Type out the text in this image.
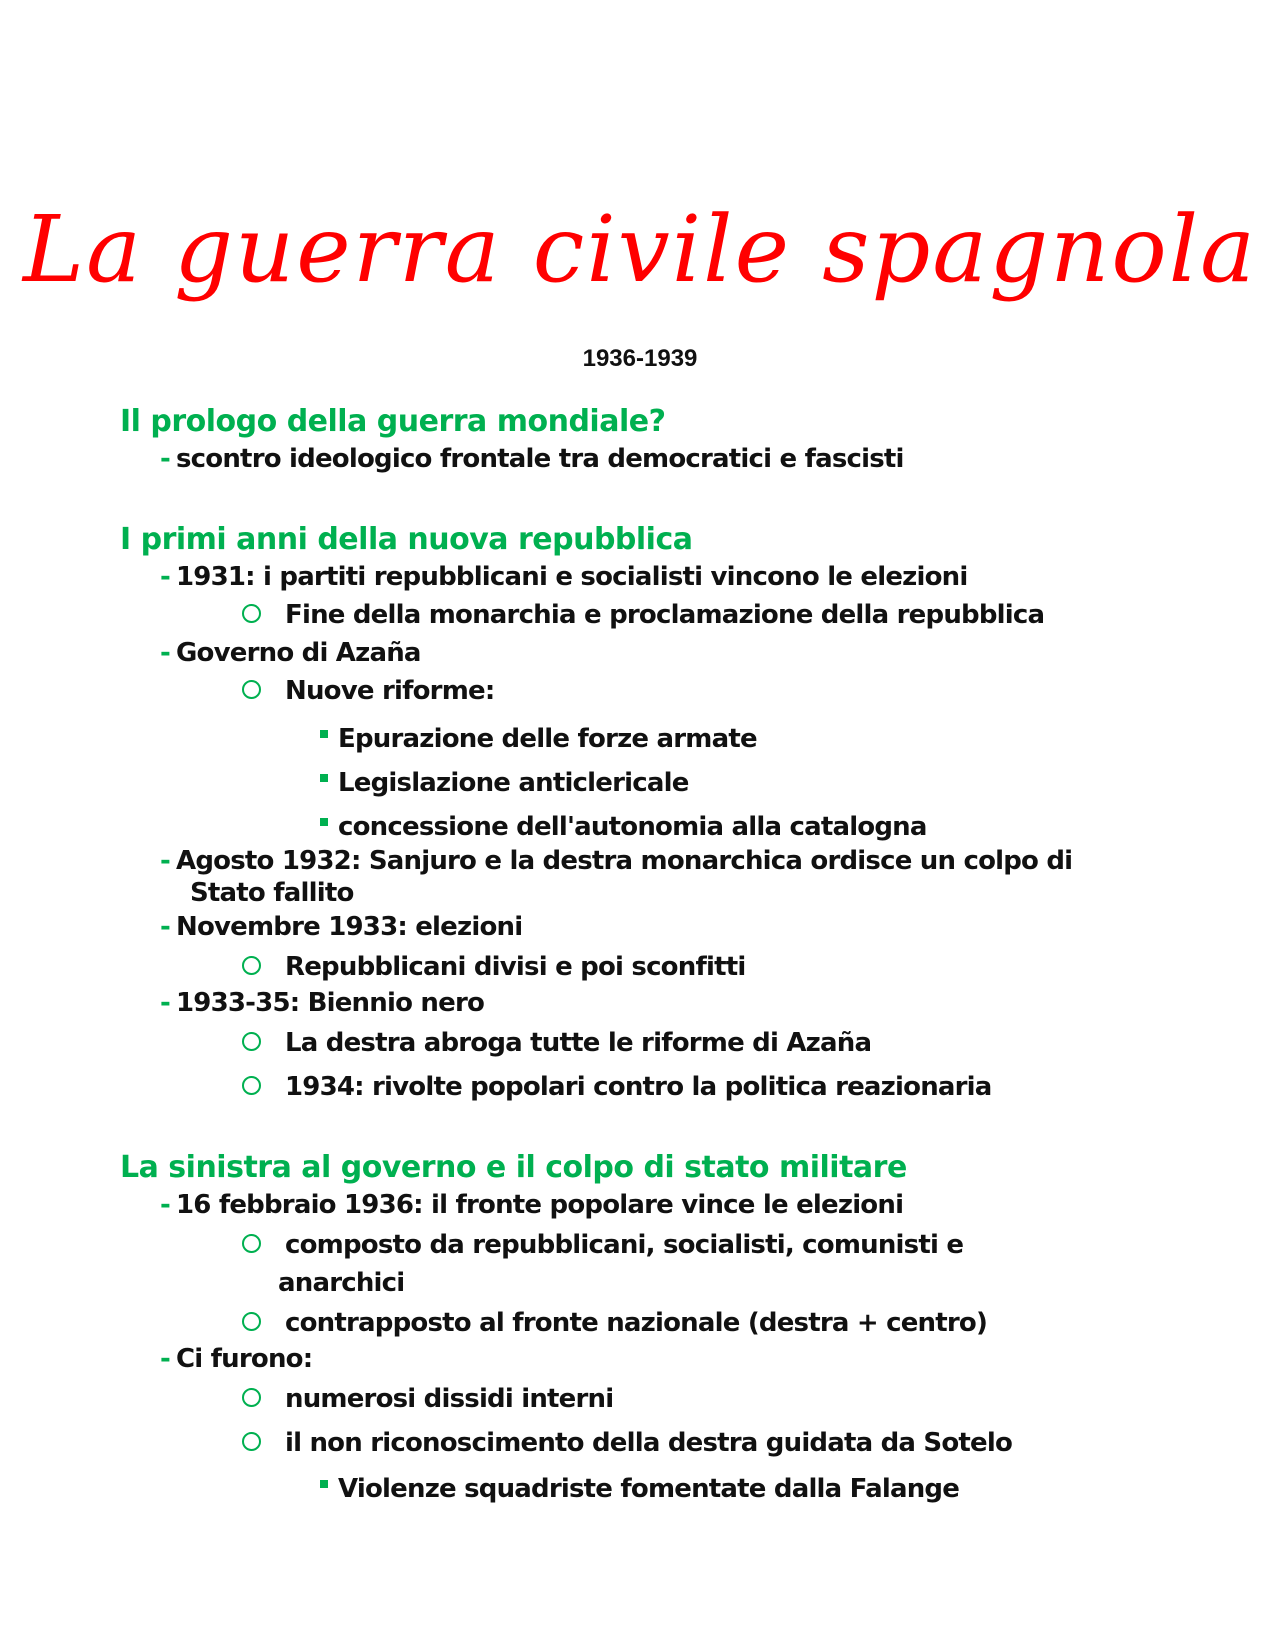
La guerra civile spagnola
1936-1939
Il prologo della guerra mondiale?
- scontro ideologico frontale tra democratici e fascisti
I primi anni della nuova repubblica
- 1931: i partiti repubblicani e socialisti vincono le elezioni
Fine della monarchia e proclamazione della repubblica
- Governo di Azaña
Nuove riforme:
Epurazione delle forze armate
Legislazione anticlericale
concessione dell'autonomia alla catalogna
- Agosto 1932: Sanjuro e la destra monarchica ordisce un colpo di
Stato fallito
- Novembre 1933: elezioni
Repubblicani divisi e poi sconfitti
- 1933-35: Biennio nero
La destra abroga tutte le riforme di Azaña
1934: rivolte popolari contro la politica reazionaria
La sinistra al governo e il colpo di stato militare
- 16 febbraio 1936: il fronte popolare vince le elezioni
composto da repubblicani, socialisti, comunisti e
anarchici
contrapposto al fronte nazionale (destra + centro)
- Ci furono:
numerosi dissidi interni
il non riconoscimento della destra guidata da Sotelo
Violenze squadriste fomentate dalla Falange
